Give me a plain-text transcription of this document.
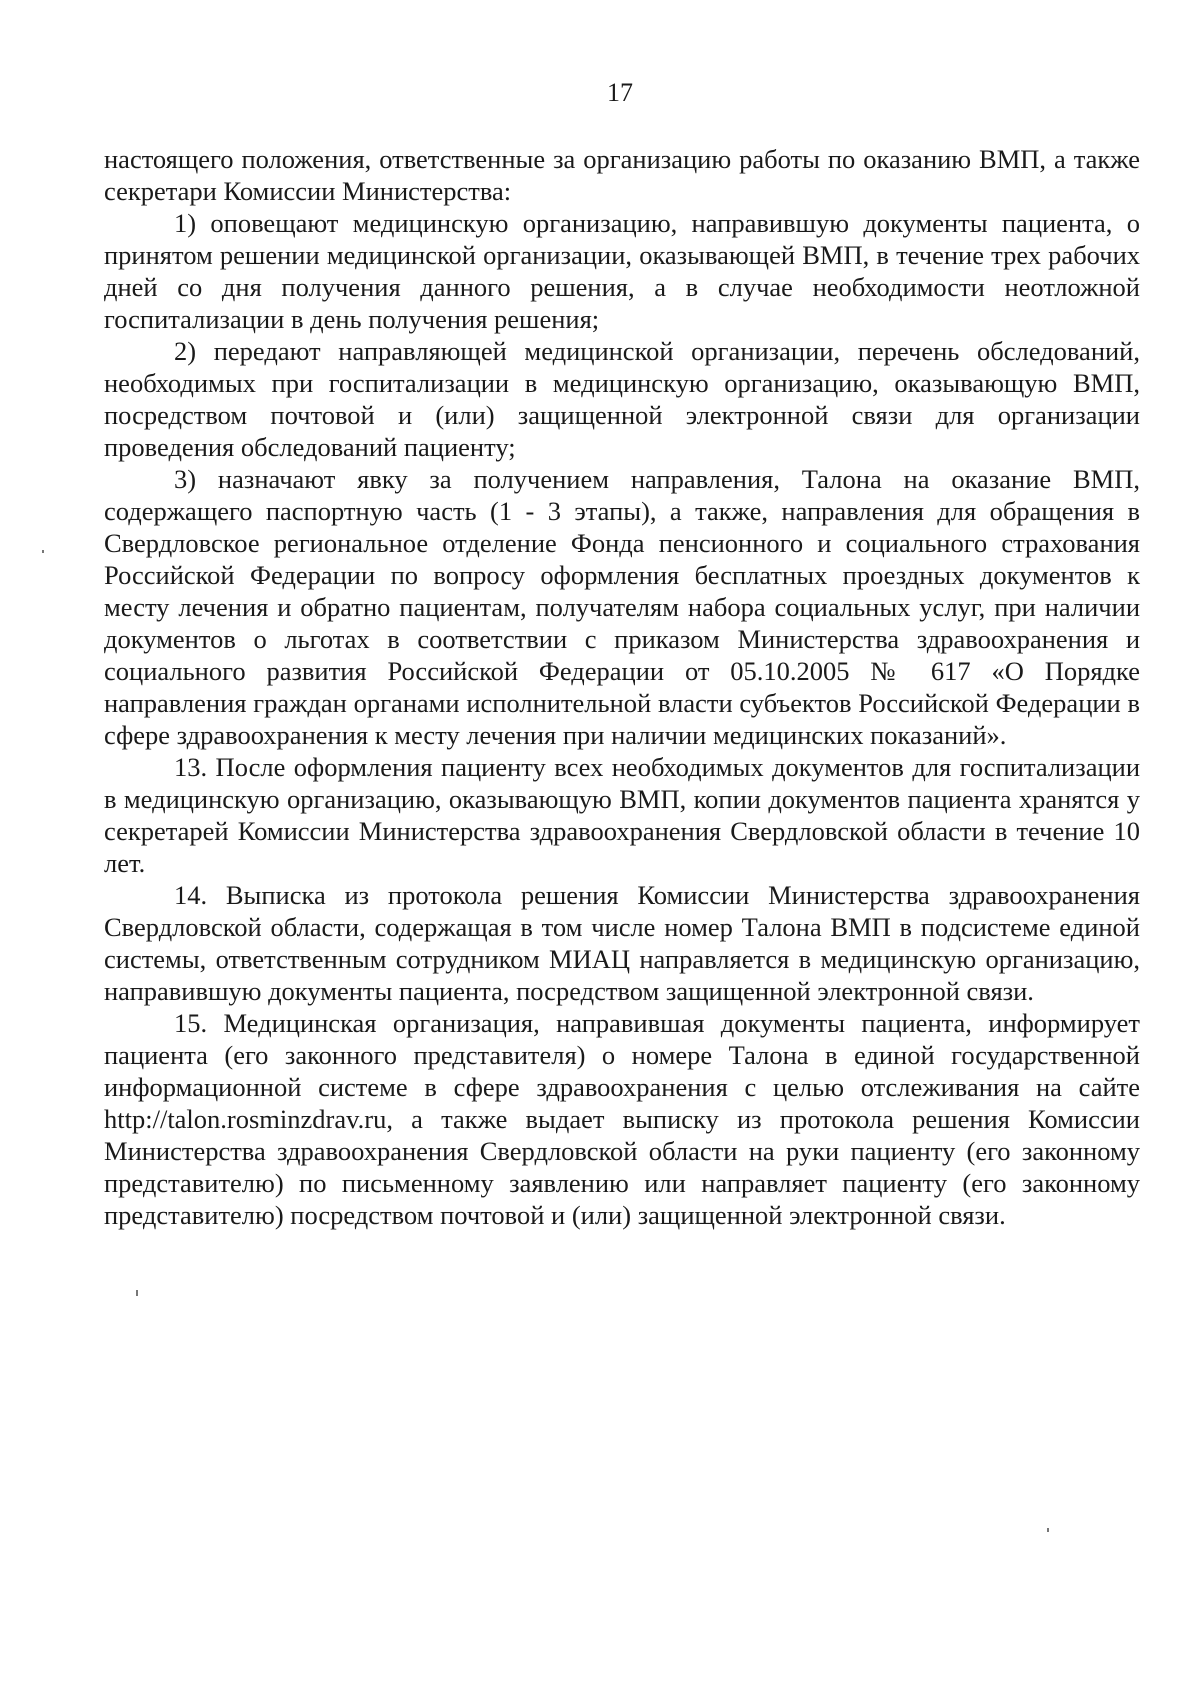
17

настоящего положения, ответственные за организацию работы по оказанию ВМП, а также секретари Комиссии Министерства:

1) оповещают медицинскую организацию, направившую документы пациента, о принятом решении медицинской организации, оказывающей ВМП, в течение трех рабочих дней со дня получения данного решения, а в случае необходимости неотложной госпитализации в день получения решения;

2) передают направляющей медицинской организации, перечень обследований, необходимых при госпитализации в медицинскую организацию, оказывающую ВМП, посредством почтовой и (или) защищенной электронной связи для организации проведения обследований пациенту;

3) назначают явку за получением направления, Талона на оказание ВМП, содержащего паспортную часть (1 - 3 этапы), а также, направления для обращения в Свердловское региональное отделение Фонда пенсионного и социального страхования Российской Федерации по вопросу оформления бесплатных проездных документов к месту лечения и обратно пациентам, получателям набора социальных услуг, при наличии документов о льготах в соответствии с приказом Министерства здравоохранения и социального развития Российской Федерации от 05.10.2005 № 617 «О Порядке направления граждан органами исполнительной власти субъектов Российской Федерации в сфере здравоохранения к месту лечения при наличии медицинских показаний».

13. После оформления пациенту всех необходимых документов для госпитализации в медицинскую организацию, оказывающую ВМП, копии документов пациента хранятся у секретарей Комиссии Министерства здравоохранения Свердловской области в течение 10 лет.

14. Выписка из протокола решения Комиссии Министерства здравоохранения Свердловской области, содержащая в том числе номер Талона ВМП в подсистеме единой системы, ответственным сотрудником МИАЦ направляется в медицинскую организацию, направившую документы пациента, посредством защищенной электронной связи.

15. Медицинская организация, направившая документы пациента, информирует пациента (его законного представителя) о номере Талона в единой государственной информационной системе в сфере здравоохранения с целью отслеживания на сайте http://talon.rosminzdrav.ru, а также выдает выписку из протокола решения Комиссии Министерства здравоохранения Свердловской области на руки пациенту (его законному представителю) по письменному заявлению или направляет пациенту (его законному представителю) посредством почтовой и (или) защищенной электронной связи.
